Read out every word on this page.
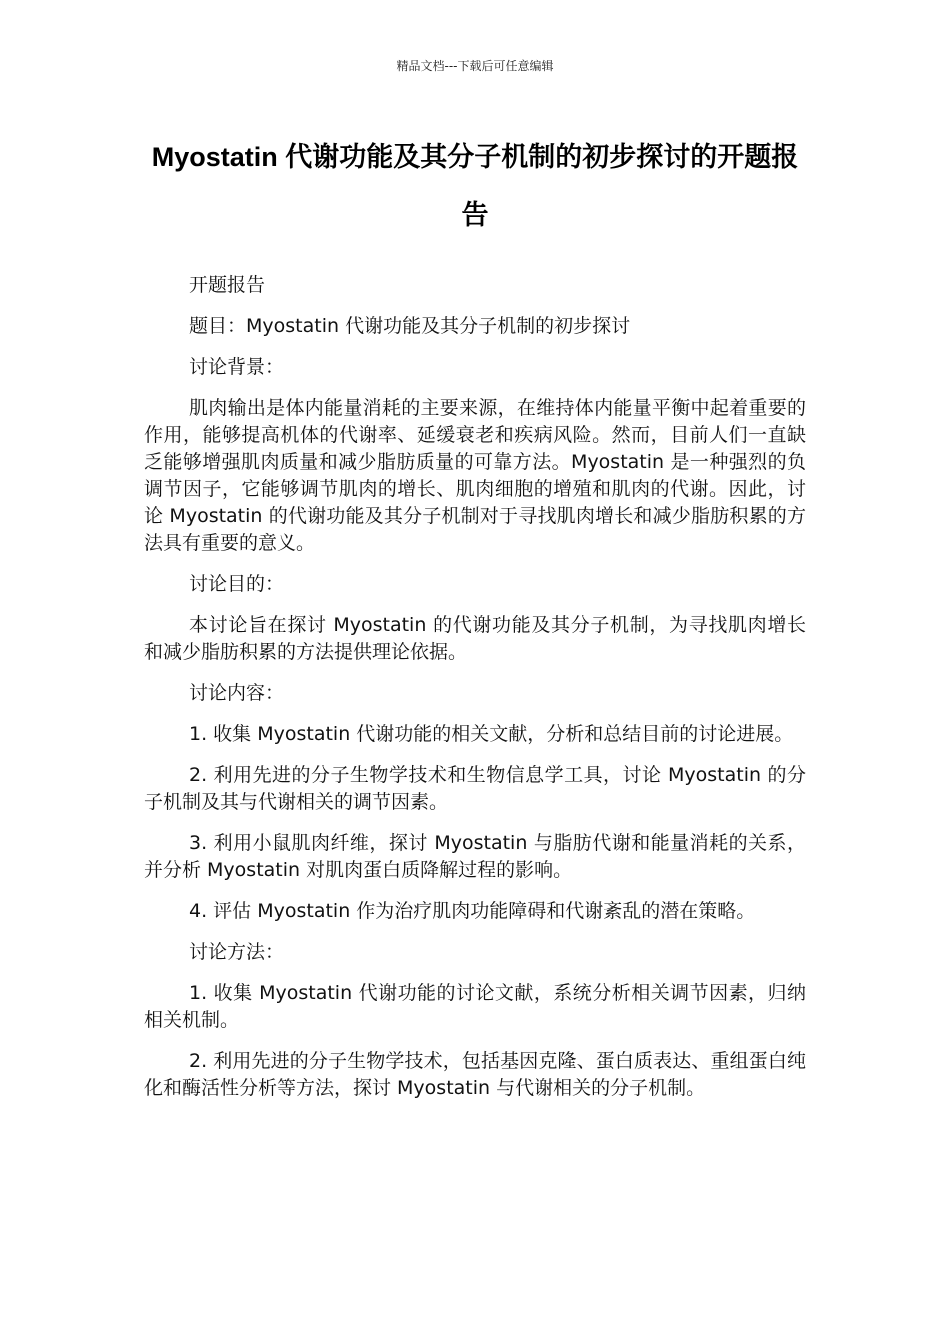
精品文档---下载后可任意编辑
Myostatin 代谢功能及其分子机制的初步探讨的开题报告

开题报告

题目：Myostatin 代谢功能及其分子机制的初步探讨

讨论背景：

肌肉输出是体内能量消耗的主要来源，在维持体内能量平衡中起着重要的作用，能够提高机体的代谢率、延缓衰老和疾病风险。然而，目前人们一直缺乏能够增强肌肉质量和减少脂肪质量的可靠方法。Myostatin 是一种强烈的负调节因子，它能够调节肌肉的增长、肌肉细胞的增殖和肌肉的代谢。因此，讨论 Myostatin 的代谢功能及其分子机制对于寻找肌肉增长和减少脂肪积累的方法具有重要的意义。

讨论目的：

本讨论旨在探讨 Myostatin 的代谢功能及其分子机制，为寻找肌肉增长和减少脂肪积累的方法提供理论依据。

讨论内容：

1. 收集 Myostatin 代谢功能的相关文献，分析和总结目前的讨论进展。

2. 利用先进的分子生物学技术和生物信息学工具，讨论 Myostatin 的分子机制及其与代谢相关的调节因素。

3. 利用小鼠肌肉纤维，探讨 Myostatin 与脂肪代谢和能量消耗的关系，并分析 Myostatin 对肌肉蛋白质降解过程的影响。

4. 评估 Myostatin 作为治疗肌肉功能障碍和代谢紊乱的潜在策略。

讨论方法：

1. 收集 Myostatin 代谢功能的讨论文献，系统分析相关调节因素，归纳相关机制。

2. 利用先进的分子生物学技术，包括基因克隆、蛋白质表达、重组蛋白纯化和酶活性分析等方法，探讨 Myostatin 与代谢相关的分子机制。
